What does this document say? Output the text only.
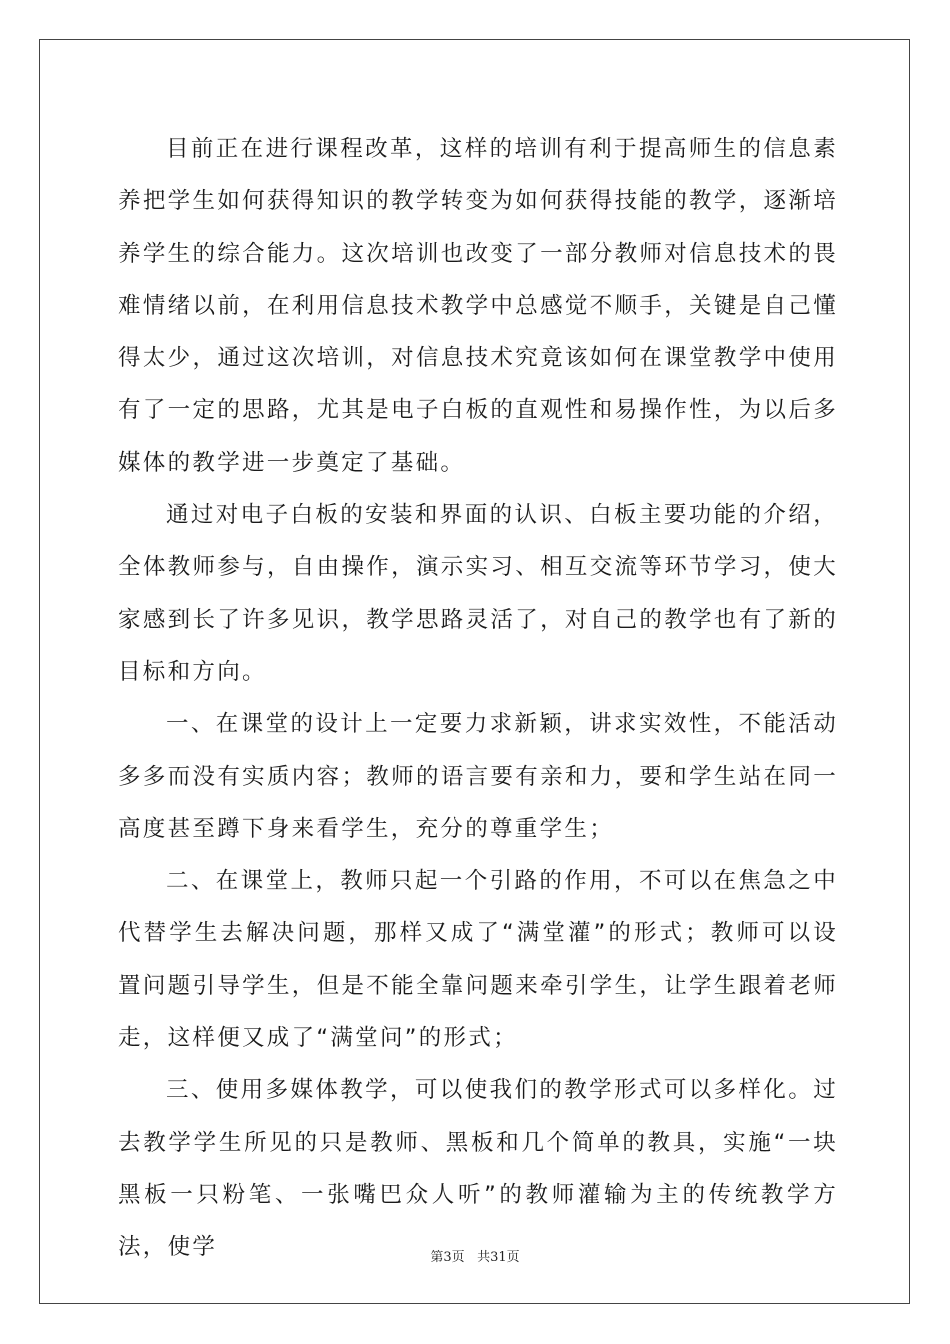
目前正在进行课程改革，这样的培训有利于提高师生的信息素养把学生如何获得知识的教学转变为如何获得技能的教学，逐渐培养学生的综合能力。这次培训也改变了一部分教师对信息技术的畏难情绪以前，在利用信息技术教学中总感觉不顺手，关键是自己懂得太少，通过这次培训，对信息技术究竟该如何在课堂教学中使用有了一定的思路，尤其是电子白板的直观性和易操作性，为以后多媒体的教学进一步奠定了基础。

通过对电子白板的安装和界面的认识、白板主要功能的介绍，全体教师参与，自由操作，演示实习、相互交流等环节学习，使大家感到长了许多见识，教学思路灵活了，对自己的教学也有了新的目标和方向。

一、在课堂的设计上一定要力求新颖，讲求实效性，不能活动多多而没有实质内容；教师的语言要有亲和力，要和学生站在同一高度甚至蹲下身来看学生，充分的尊重学生；

二、在课堂上，教师只起一个引路的作用，不可以在焦急之中代替学生去解决问题，那样又成了“满堂灌”的形式；教师可以设置问题引导学生，但是不能全靠问题来牵引学生，让学生跟着老师走，这样便又成了“满堂问”的形式；

三、使用多媒体教学，可以使我们的教学形式可以多样化。过去教学学生所见的只是教师、黑板和几个简单的教具，实施“一块黑板一只粉笔、一张嘴巴众人听”的教师灌输为主的传统教学方法，使学	第3页 共31页
